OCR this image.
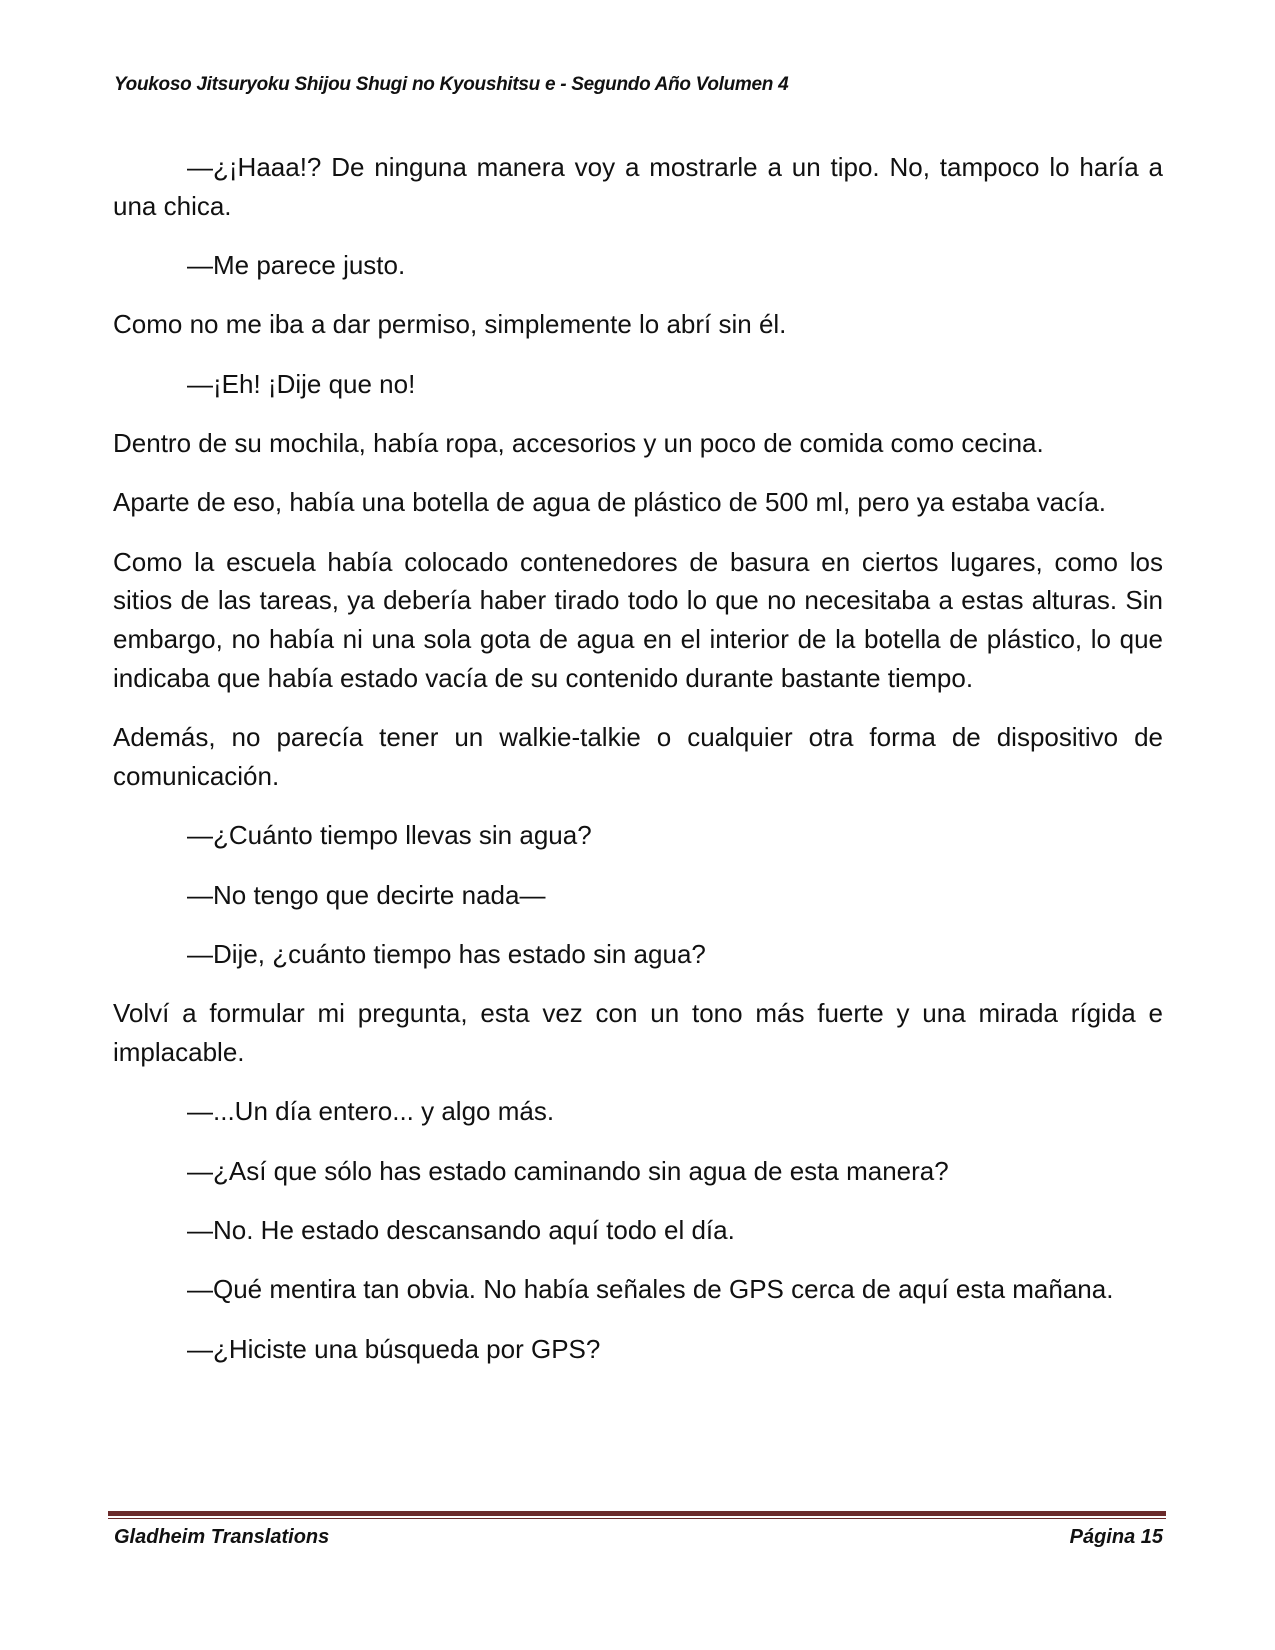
Youkoso Jitsuryoku Shijou Shugi no Kyoushitsu e - Segundo Año Volumen 4

—¿¡Haaa!? De ninguna manera voy a mostrarle a un tipo. No, tampoco lo haría a una chica.

—Me parece justo.

Como no me iba a dar permiso, simplemente lo abrí sin él.

—¡Eh! ¡Dije que no!

Dentro de su mochila, había ropa, accesorios y un poco de comida como cecina.

Aparte de eso, había una botella de agua de plástico de 500 ml, pero ya estaba vacía.

Como la escuela había colocado contenedores de basura en ciertos lugares, como los sitios de las tareas, ya debería haber tirado todo lo que no necesitaba a estas alturas. Sin embargo, no había ni una sola gota de agua en el interior de la botella de plástico, lo que indicaba que había estado vacía de su contenido durante bastante tiempo.

Además, no parecía tener un walkie-talkie o cualquier otra forma de dispositivo de comunicación.

—¿Cuánto tiempo llevas sin agua?

—No tengo que decirte nada—

—Dije, ¿cuánto tiempo has estado sin agua?

Volví a formular mi pregunta, esta vez con un tono más fuerte y una mirada rígida e implacable.

—...Un día entero... y algo más.

—¿Así que sólo has estado caminando sin agua de esta manera?

—No. He estado descansando aquí todo el día.

—Qué mentira tan obvia. No había señales de GPS cerca de aquí esta mañana.

—¿Hiciste una búsqueda por GPS?

Gladheim Translations	Página 15
